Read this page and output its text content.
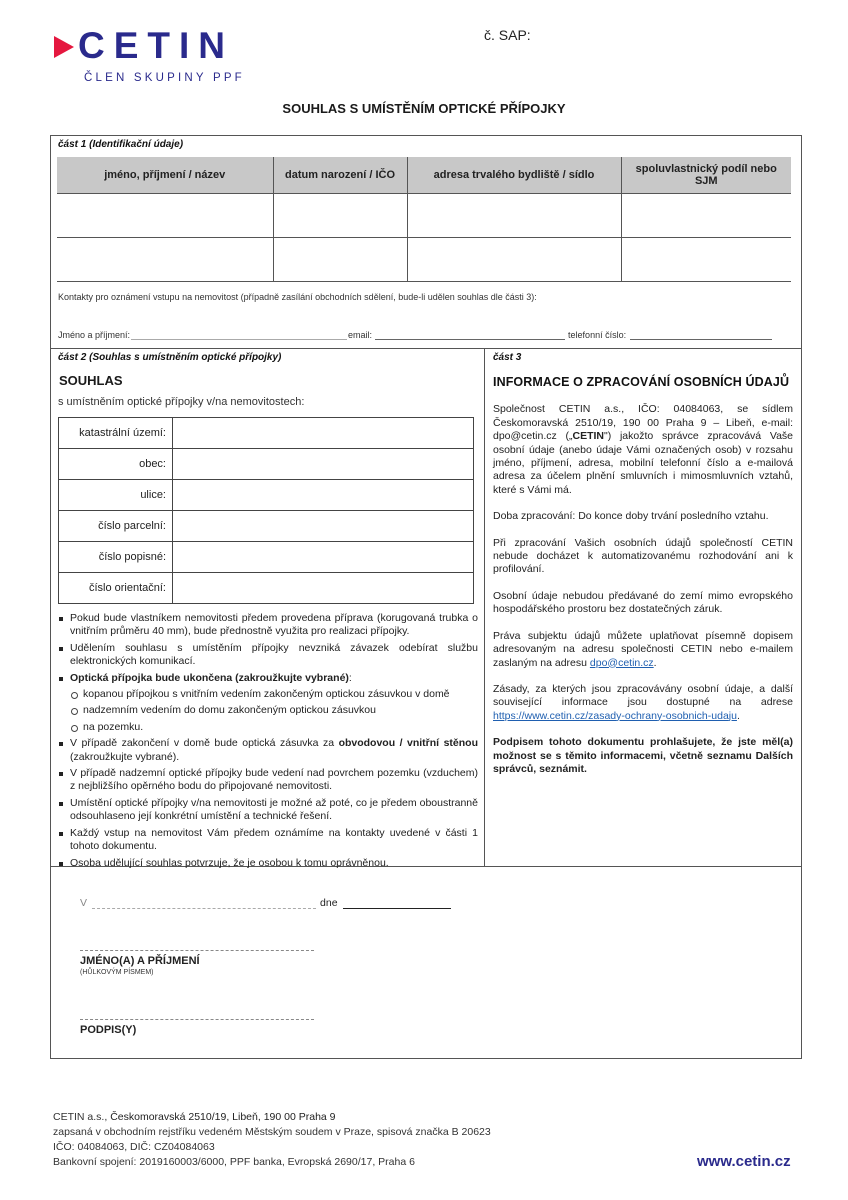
CETIN
ČLEN SKUPINY PPF
č. SAP:
SOUHLAS S UMÍSTĚNÍM OPTICKÉ PŘÍPOJKY
část 1 (Identifikační údaje)
jméno, příjmení / název	datum narození / IČO	adresa trvalého bydliště / sídlo	spoluvlastnický podíl nebo SJM

Kontakty pro oznámení vstupu na nemovitost (případně zasílání obchodních sdělení, bude-li udělen souhlas dle části 3):
Jméno a příjmení:	email:	telefonní číslo:
část 2 (Souhlas s umístněním optické přípojky)
SOUHLAS
s umístněním optické přípojky v/na nemovitostech:
katastrální území:	
obec:	
ulice:	
číslo parcelní:	
číslo popisné:	
číslo orientační:	
Pokud bude vlastníkem nemovitosti předem provedena příprava (korugovaná trubka o vnitřním průměru 40 mm), bude přednostně využita pro realizaci přípojky.
Udělením souhlasu s umístěním přípojky nevzniká závazek odebírat službu elektronických komunikací.
Optická přípojka bude ukončena (zakroužkujte vybrané):
kopanou přípojkou s vnitřním vedením zakončeným optickou zásuvkou v domě
nadzemním vedením do domu zakončeným optickou zásuvkou
na pozemku.
V případě zakončení v domě bude optická zásuvka za obvodovou / vnitřní stěnou (zakroužkujte vybrané).
V případě nadzemní optické přípojky bude vedení nad povrchem pozemku (vzduchem) z nejbližšího opěrného bodu do připojované nemovitosti.
Umístění optické přípojky v/na nemovitosti je možné až poté, co je předem oboustranně odsouhlaseno její konkrétní umístění a technické řešení.
Každý vstup na nemovitost Vám předem oznámíme na kontakty uvedené v části 1 tohoto dokumentu.
Osoba udělující souhlas potvrzuje, že je osobou k tomu oprávněnou.
část 3
INFORMACE O ZPRACOVÁNÍ OSOBNÍCH ÚDAJŮ

Společnost CETIN a.s., IČO: 04084063, se sídlem Českomoravská 2510/19, 190 00 Praha 9 – Libeň, e-mail: dpo@cetin.cz („CETIN") jakožto správce zpracovává Vaše osobní údaje (anebo údaje Vámi označených osob) v rozsahu jméno, příjmení, adresa, mobilní telefonní číslo a e-mailová adresa za účelem plnění smluvních i mimosmluvních vztahů, které s Vámi má.

Doba zpracování: Do konce doby trvání posledního vztahu.

Při zpracování Vašich osobních údajů společností CETIN nebude docházet k automatizovanému rozhodování ani k profilování.

Osobní údaje nebudou předávané do zemí mimo evropského hospodářského prostoru bez dostatečných záruk.

Práva subjektu údajů můžete uplatňovat písemně dopisem adresovaným na adresu společnosti CETIN nebo e-mailem zaslaným na adresu dpo@cetin.cz.

Zásady, za kterých jsou zpracovávány osobní údaje, a další související informace jsou dostupné na adrese https://www.cetin.cz/zasady-ochrany-osobnich-udaju.

Podpisem tohoto dokumentu prohlašujete, že jste měl(a) možnost se s těmito informacemi, včetně seznamu Dalších správců, seznámit.

V	dne
JMÉNO(A) A PŘÍJMENÍ
(HŮLKOVÝM PÍSMEM)
PODPIS(Y)
CETIN a.s., Českomoravská 2510/19, Libeň, 190 00 Praha 9
zapsaná v obchodním rejstříku vedeném Městským soudem v Praze, spisová značka B 20623
IČO: 04084063, DIČ: CZ04084063
Bankovní spojení: 2019160003/6000, PPF banka, Evropská 2690/17, Praha 6	www.cetin.cz
